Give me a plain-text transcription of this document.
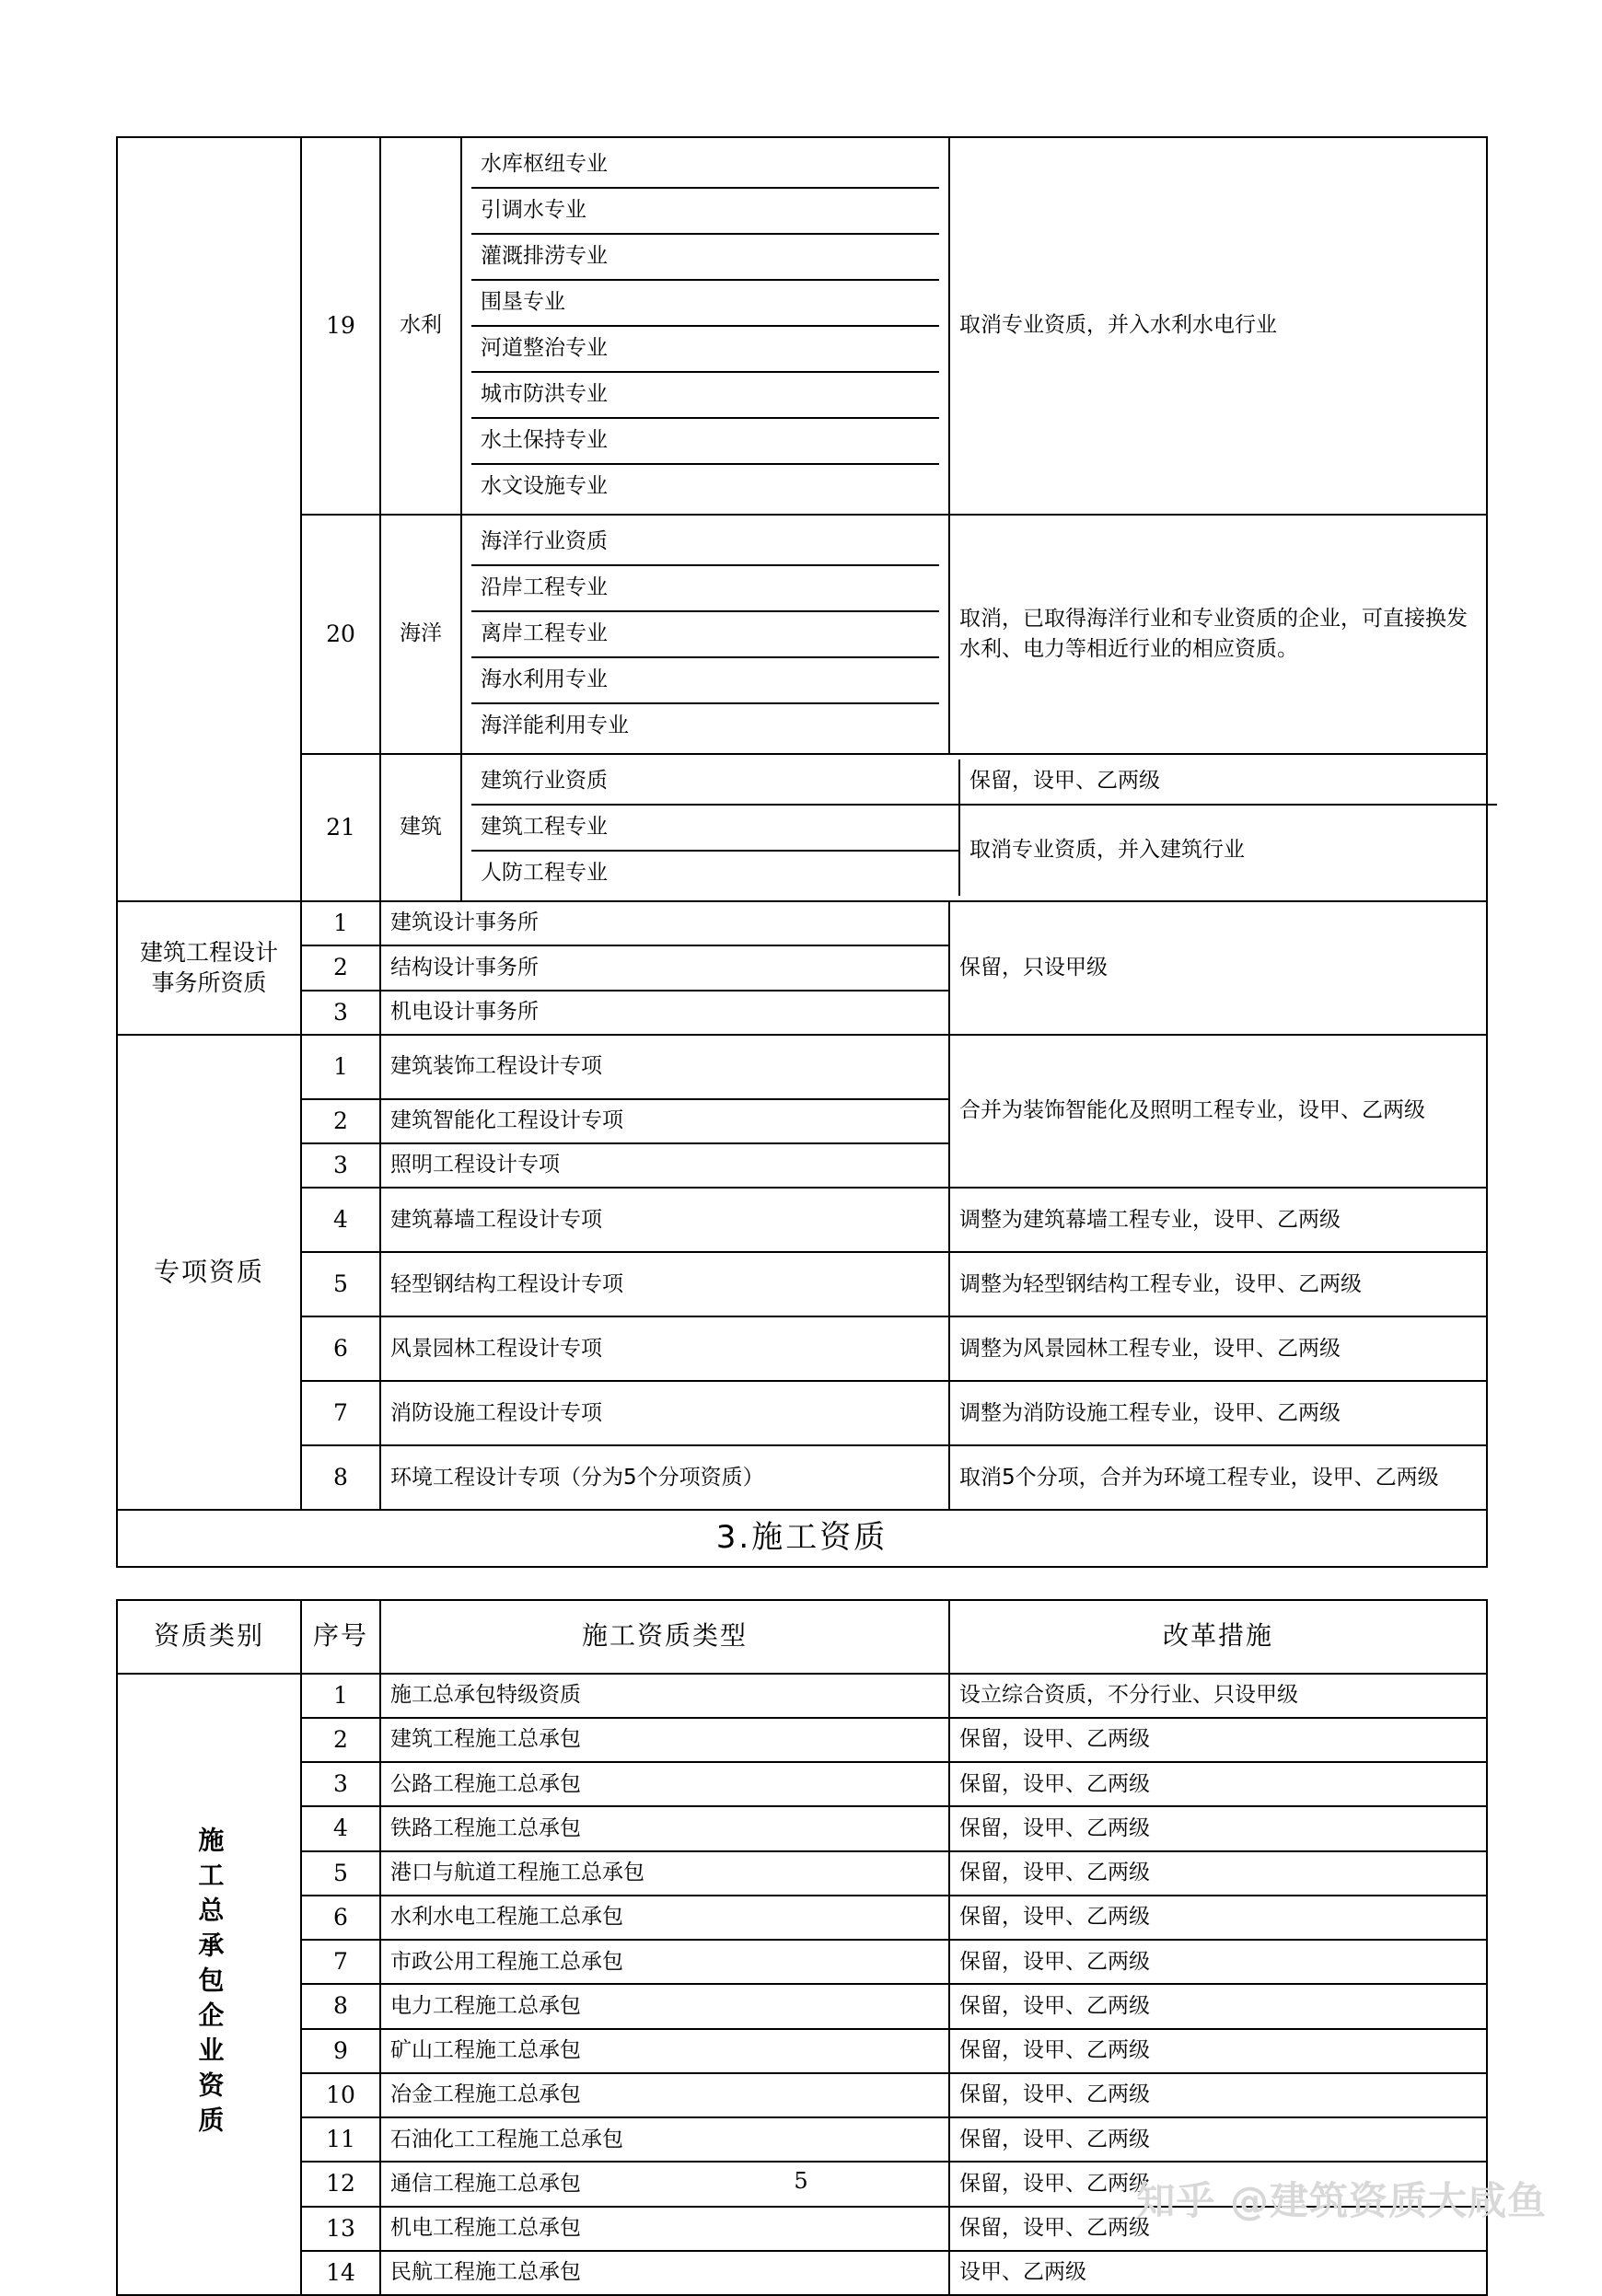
	19	水利	
水库枢纽专业
引调水专业
灌溉排涝专业
围垦专业
河道整治专业
城市防洪专业
水土保持专业
水文设施专业
	取消专业资质，并入水利水电行业
20	海洋	
海洋行业资质
沿岸工程专业
离岸工程专业
海水利用专业
海洋能利用专业
	取消，已取得海洋行业和专业资质的企业，可直接换发水利、电力等相近行业的相应资质。
21	建筑	
建筑行业资质	保留，设甲、乙两级
建筑工程专业	取消专业资质，并入建筑行业
人防工程专业

建筑工程设计
事务所资质
	1	建筑设计事务所	保留，只设甲级
2	结构设计事务所
3	机电设计事务所
专项资质	1	建筑装饰工程设计专项	合并为装饰智能化及照明工程专业，设甲、乙两级
2	建筑智能化工程设计专项
3	照明工程设计专项
4	建筑幕墙工程设计专项	调整为建筑幕墙工程专业，设甲、乙两级
5	轻型钢结构工程设计专项	调整为轻型钢结构工程专业，设甲、乙两级
6	风景园林工程设计专项	调整为风景园林工程专业，设甲、乙两级
7	消防设施工程设计专项	调整为消防设施工程专业，设甲、乙两级
8	环境工程设计专项（分为5个分项资质）	取消5个分项，合并为环境工程专业，设甲、乙两级
3.施工资质
资质类别	序号	施工资质类型	改革措施

施工总承包企业资质	1	施工总承包特级资质	设立综合资质，不分行业、只设甲级
	2	建筑工程施工总承包	保留，设甲、乙两级
	3	公路工程施工总承包	保留，设甲、乙两级
	4	铁路工程施工总承包	保留，设甲、乙两级
	5	港口与航道工程施工总承包	保留，设甲、乙两级
	6	水利水电工程施工总承包	保留，设甲、乙两级
	7	市政公用工程施工总承包	保留，设甲、乙两级
	8	电力工程施工总承包	保留，设甲、乙两级
	9	矿山工程施工总承包	保留，设甲、乙两级
	10	冶金工程施工总承包	保留，设甲、乙两级
	11	石油化工工程施工总承包	保留，设甲、乙两级
	12	通信工程施工总承包	保留，设甲、乙两级
	13	机电工程施工总承包	保留，设甲、乙两级
	14	民航工程施工总承包	设甲、乙两级
5	知乎 @建筑资质大咸鱼
